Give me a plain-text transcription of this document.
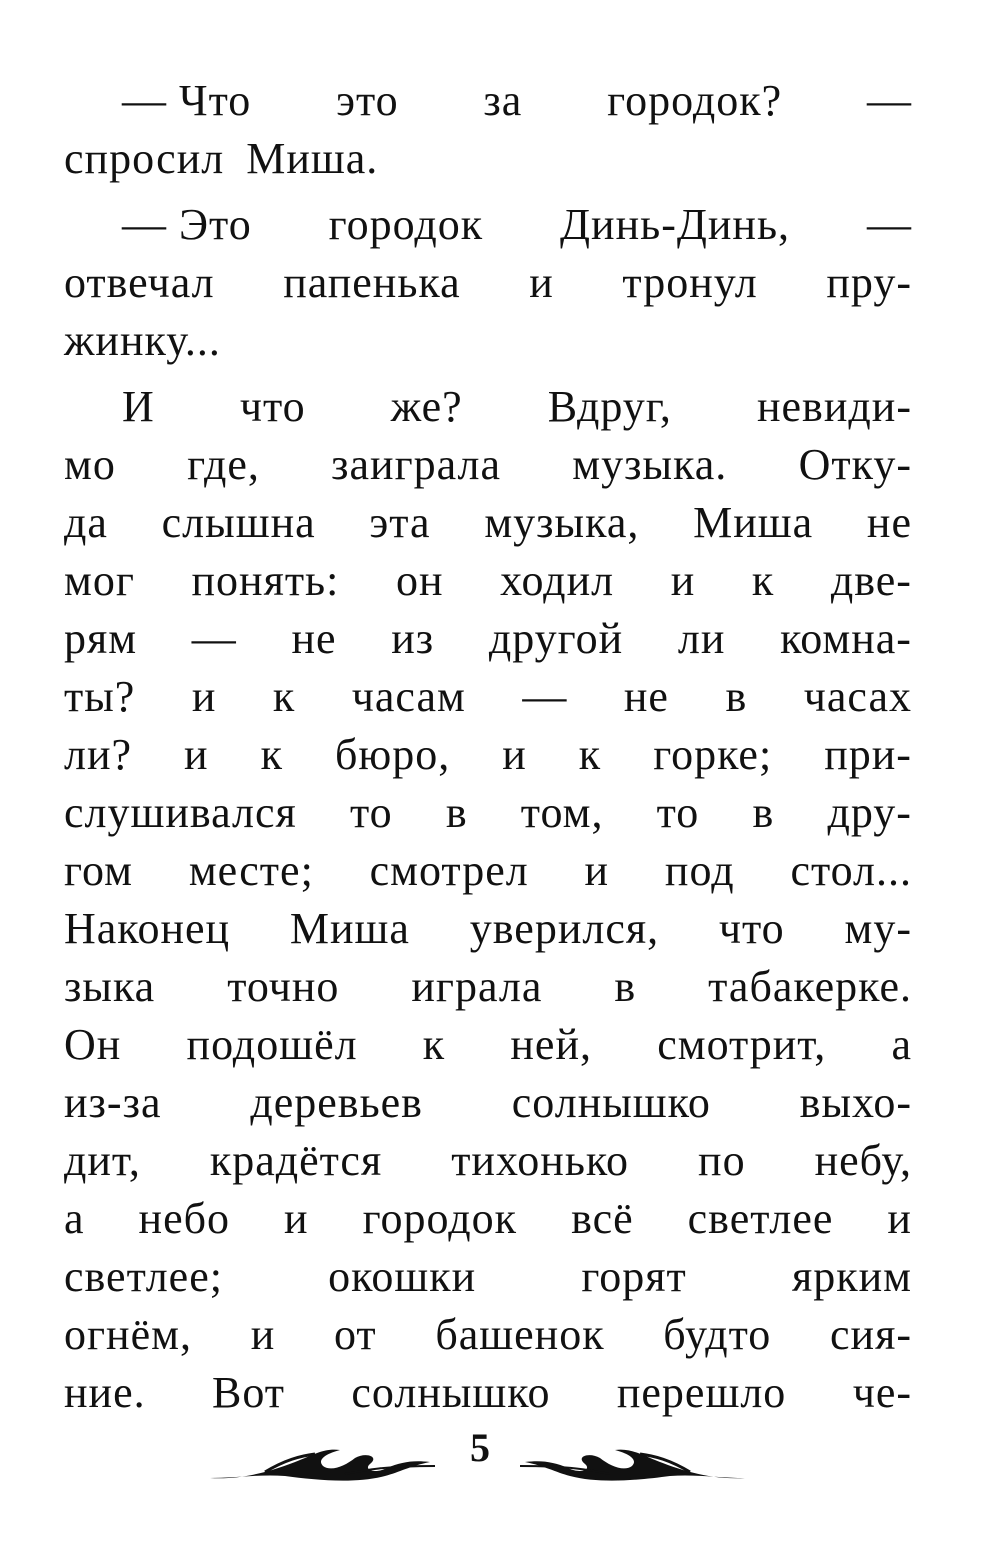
— Что это за городок? —
спросил Миша.
— Это городок Динь-Динь, —
отвечал папенька и тронул пру-
жинку...
И что же? Вдруг, невиди-
мо где, заиграла музыка. Отку-
да слышна эта музыка, Миша не
мог понять: он ходил и к две-
рям — не из другой ли комна-
ты? и к часам — не в часах
ли? и к бюро, и к горке; при-
слушивался то в том, то в дру-
гом месте; смотрел и под стол...
Наконец Миша уверился, что му-
зыка точно играла в табакерке.
Он подошёл к ней, смотрит, а
из-за деревьев солнышко выхо-
дит, крадётся тихонько по небу,
а небо и городок всё светлее и
светлее; окошки горят ярким
огнём, и от башенок будто сия-
ние. Вот солнышко перешло че-
5
